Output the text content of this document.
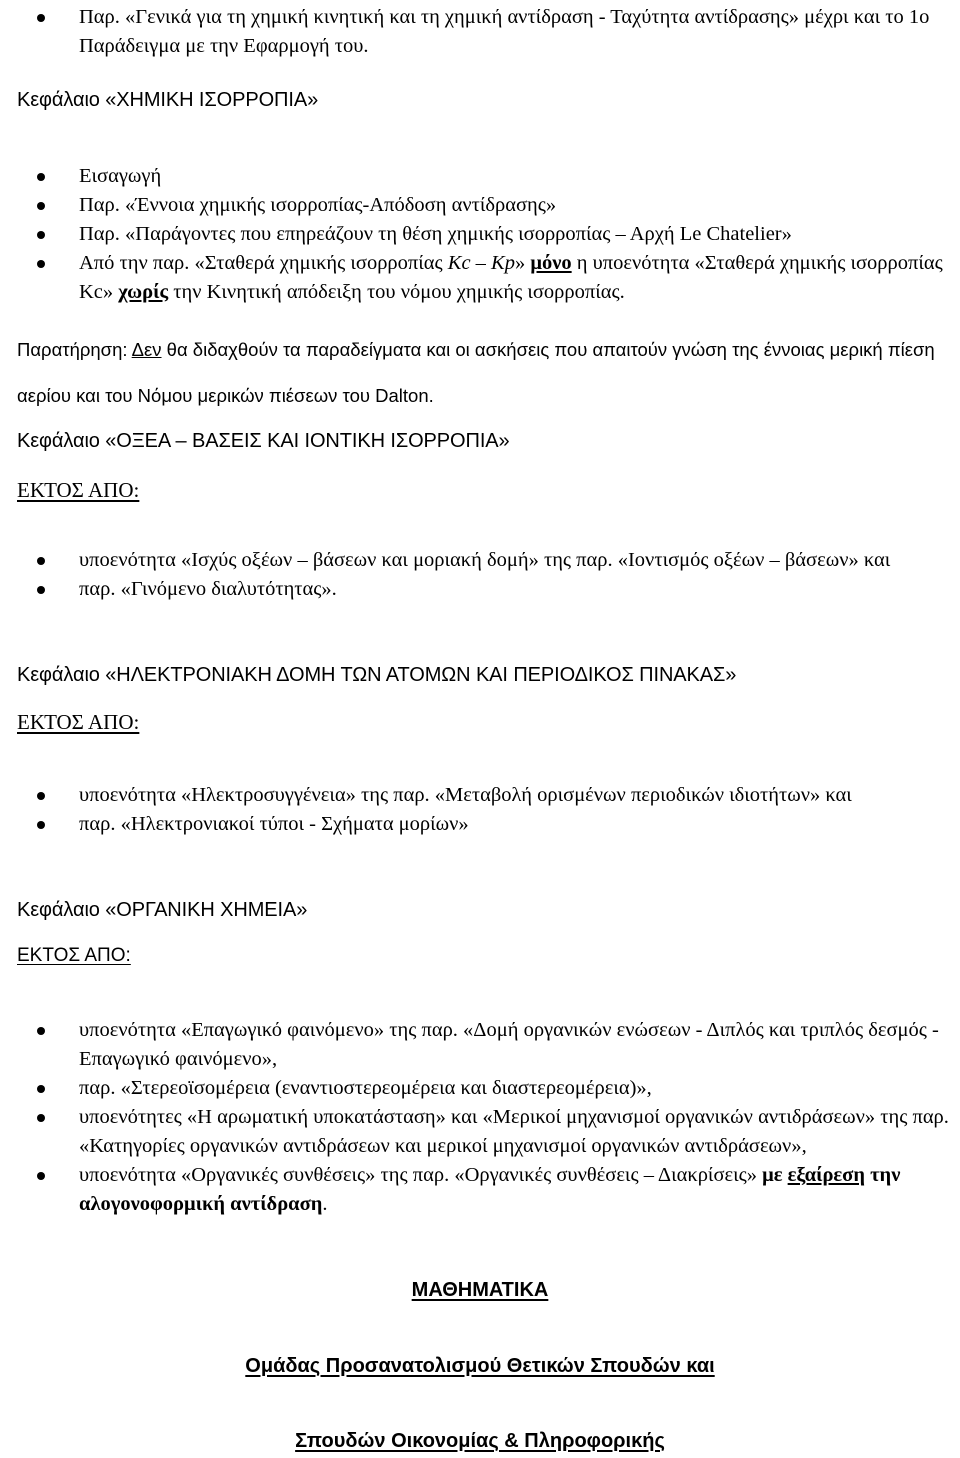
Παρ. «Γενικά για τη χημική κινητική και τη χημική αντίδραση - Ταχύτητα αντίδρασης» μέχρι και το 1ο Παράδειγμα με την Εφαρμογή του.
Κεφάλαιο «ΧΗΜΙΚΗ ΙΣΟΡΡΟΠΙΑ»
Εισαγωγή
Παρ. «Έννοια χημικής ισορροπίας-Απόδοση αντίδρασης»
Παρ. «Παράγοντες που επηρεάζουν τη θέση χημικής ισορροπίας – Αρχή Le Chatelier»
Από την παρ. «Σταθερά χημικής ισορροπίας Kc – Kp» μόνο η υποενότητα «Σταθερά χημικής ισορροπίας Kc» χωρίς την Κινητική απόδειξη του νόμου χημικής ισορροπίας.
Παρατήρηση: Δεν θα διδαχθούν τα παραδείγματα και οι ασκήσεις που απαιτούν γνώση της έννοιας μερική πίεση αερίου και του Νόμου μερικών πιέσεων του Dalton.
Κεφάλαιο «ΟΞΕΑ – ΒΑΣΕΙΣ ΚΑΙ ΙΟΝΤΙΚΗ ΙΣΟΡΡΟΠΙΑ»
ΕΚΤΟΣ ΑΠΟ:
υποενότητα «Ισχύς οξέων – βάσεων και μοριακή δομή» της παρ. «Ιοντισμός οξέων – βάσεων» και
παρ. «Γινόμενο διαλυτότητας».
Κεφάλαιο «ΗΛΕΚΤΡΟΝΙΑΚΗ ΔΟΜΗ ΤΩΝ ΑΤΟΜΩΝ ΚΑΙ ΠΕΡΙΟΔΙΚΟΣ ΠΙΝΑΚΑΣ»
ΕΚΤΟΣ ΑΠΟ:
υποενότητα «Ηλεκτροσυγγένεια» της παρ. «Μεταβολή ορισμένων περιοδικών ιδιοτήτων» και
παρ. «Ηλεκτρονιακοί τύποι - Σχήματα μορίων»
Κεφάλαιο «ΟΡΓΑΝΙΚΗ ΧΗΜΕΙΑ»
ΕΚΤΟΣ ΑΠΟ:
υποενότητα «Επαγωγικό φαινόμενο» της παρ. «Δομή οργανικών ενώσεων - Διπλός και τριπλός δεσμός - Επαγωγικό φαινόμενο»,
παρ. «Στερεοϊσομέρεια (εναντιοστερεομέρεια και διαστερεομέρεια)»,
υποενότητες «Η αρωματική υποκατάσταση» και «Μερικοί μηχανισμοί οργανικών αντιδράσεων» της παρ. «Κατηγορίες οργανικών αντιδράσεων και μερικοί μηχανισμοί οργανικών αντιδράσεων»,
υποενότητα «Οργανικές συνθέσεις» της παρ. «Οργανικές συνθέσεις – Διακρίσεις» με εξαίρεση την αλογονοφορμική αντίδραση.
ΜΑΘΗΜΑΤΙΚΑ
Ομάδας Προσανατολισμού Θετικών Σπουδών και
Σπουδών Οικονομίας & Πληροφορικής
